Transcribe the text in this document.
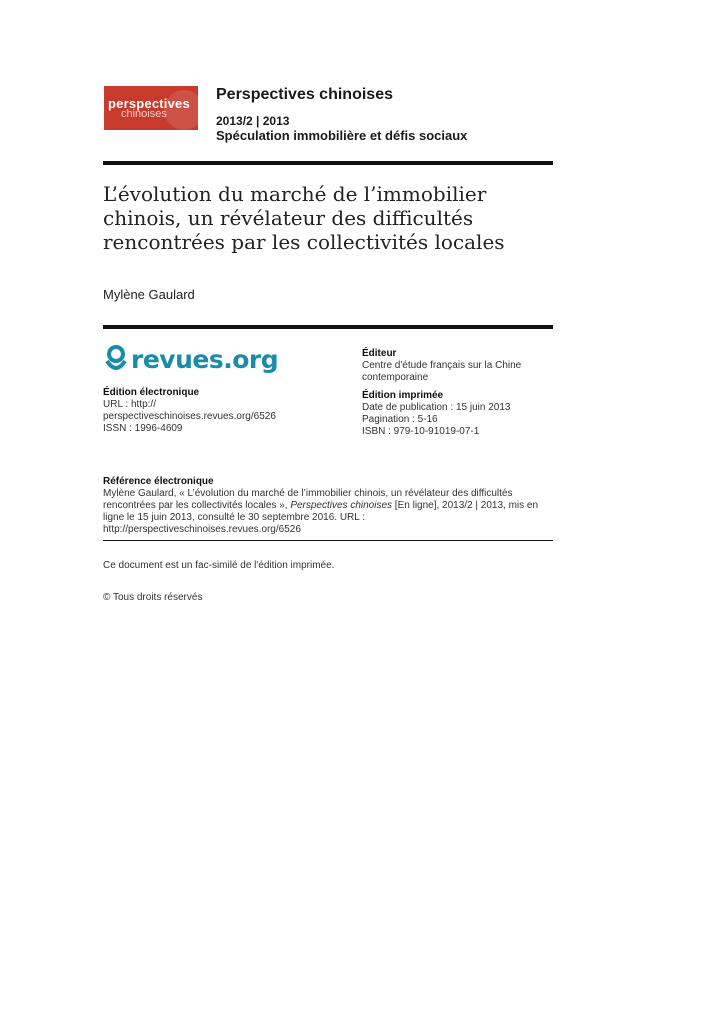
perspectives
chinoises
Perspectives chinoises
2013/2 | 2013
Spéculation immobilière et défis sociaux
L’évolution du marché de l’immobilier chinois, un révélateur des difficultés rencontrées par les collectivités locales
Mylène Gaulard
revues.org
Édition électronique
URL : http://
perspectiveschinoises.revues.org/6526
ISSN : 1996-4609
Éditeur
Centre d'étude français sur la Chine
contemporaine
Édition imprimée
Date de publication : 15 juin 2013
Pagination : 5-16
ISBN : 979-10-91019-07-1
Référence électronique
Mylène Gaulard, « L’évolution du marché de l’immobilier chinois, un révélateur des difficultés rencontrées par les collectivités locales », Perspectives chinoises [En ligne], 2013/2 | 2013, mis en ligne le 15 juin 2013, consulté le 30 septembre 2016. URL : http://perspectiveschinoises.revues.org/6526
Ce document est un fac-similé de l'édition imprimée.
© Tous droits réservés
